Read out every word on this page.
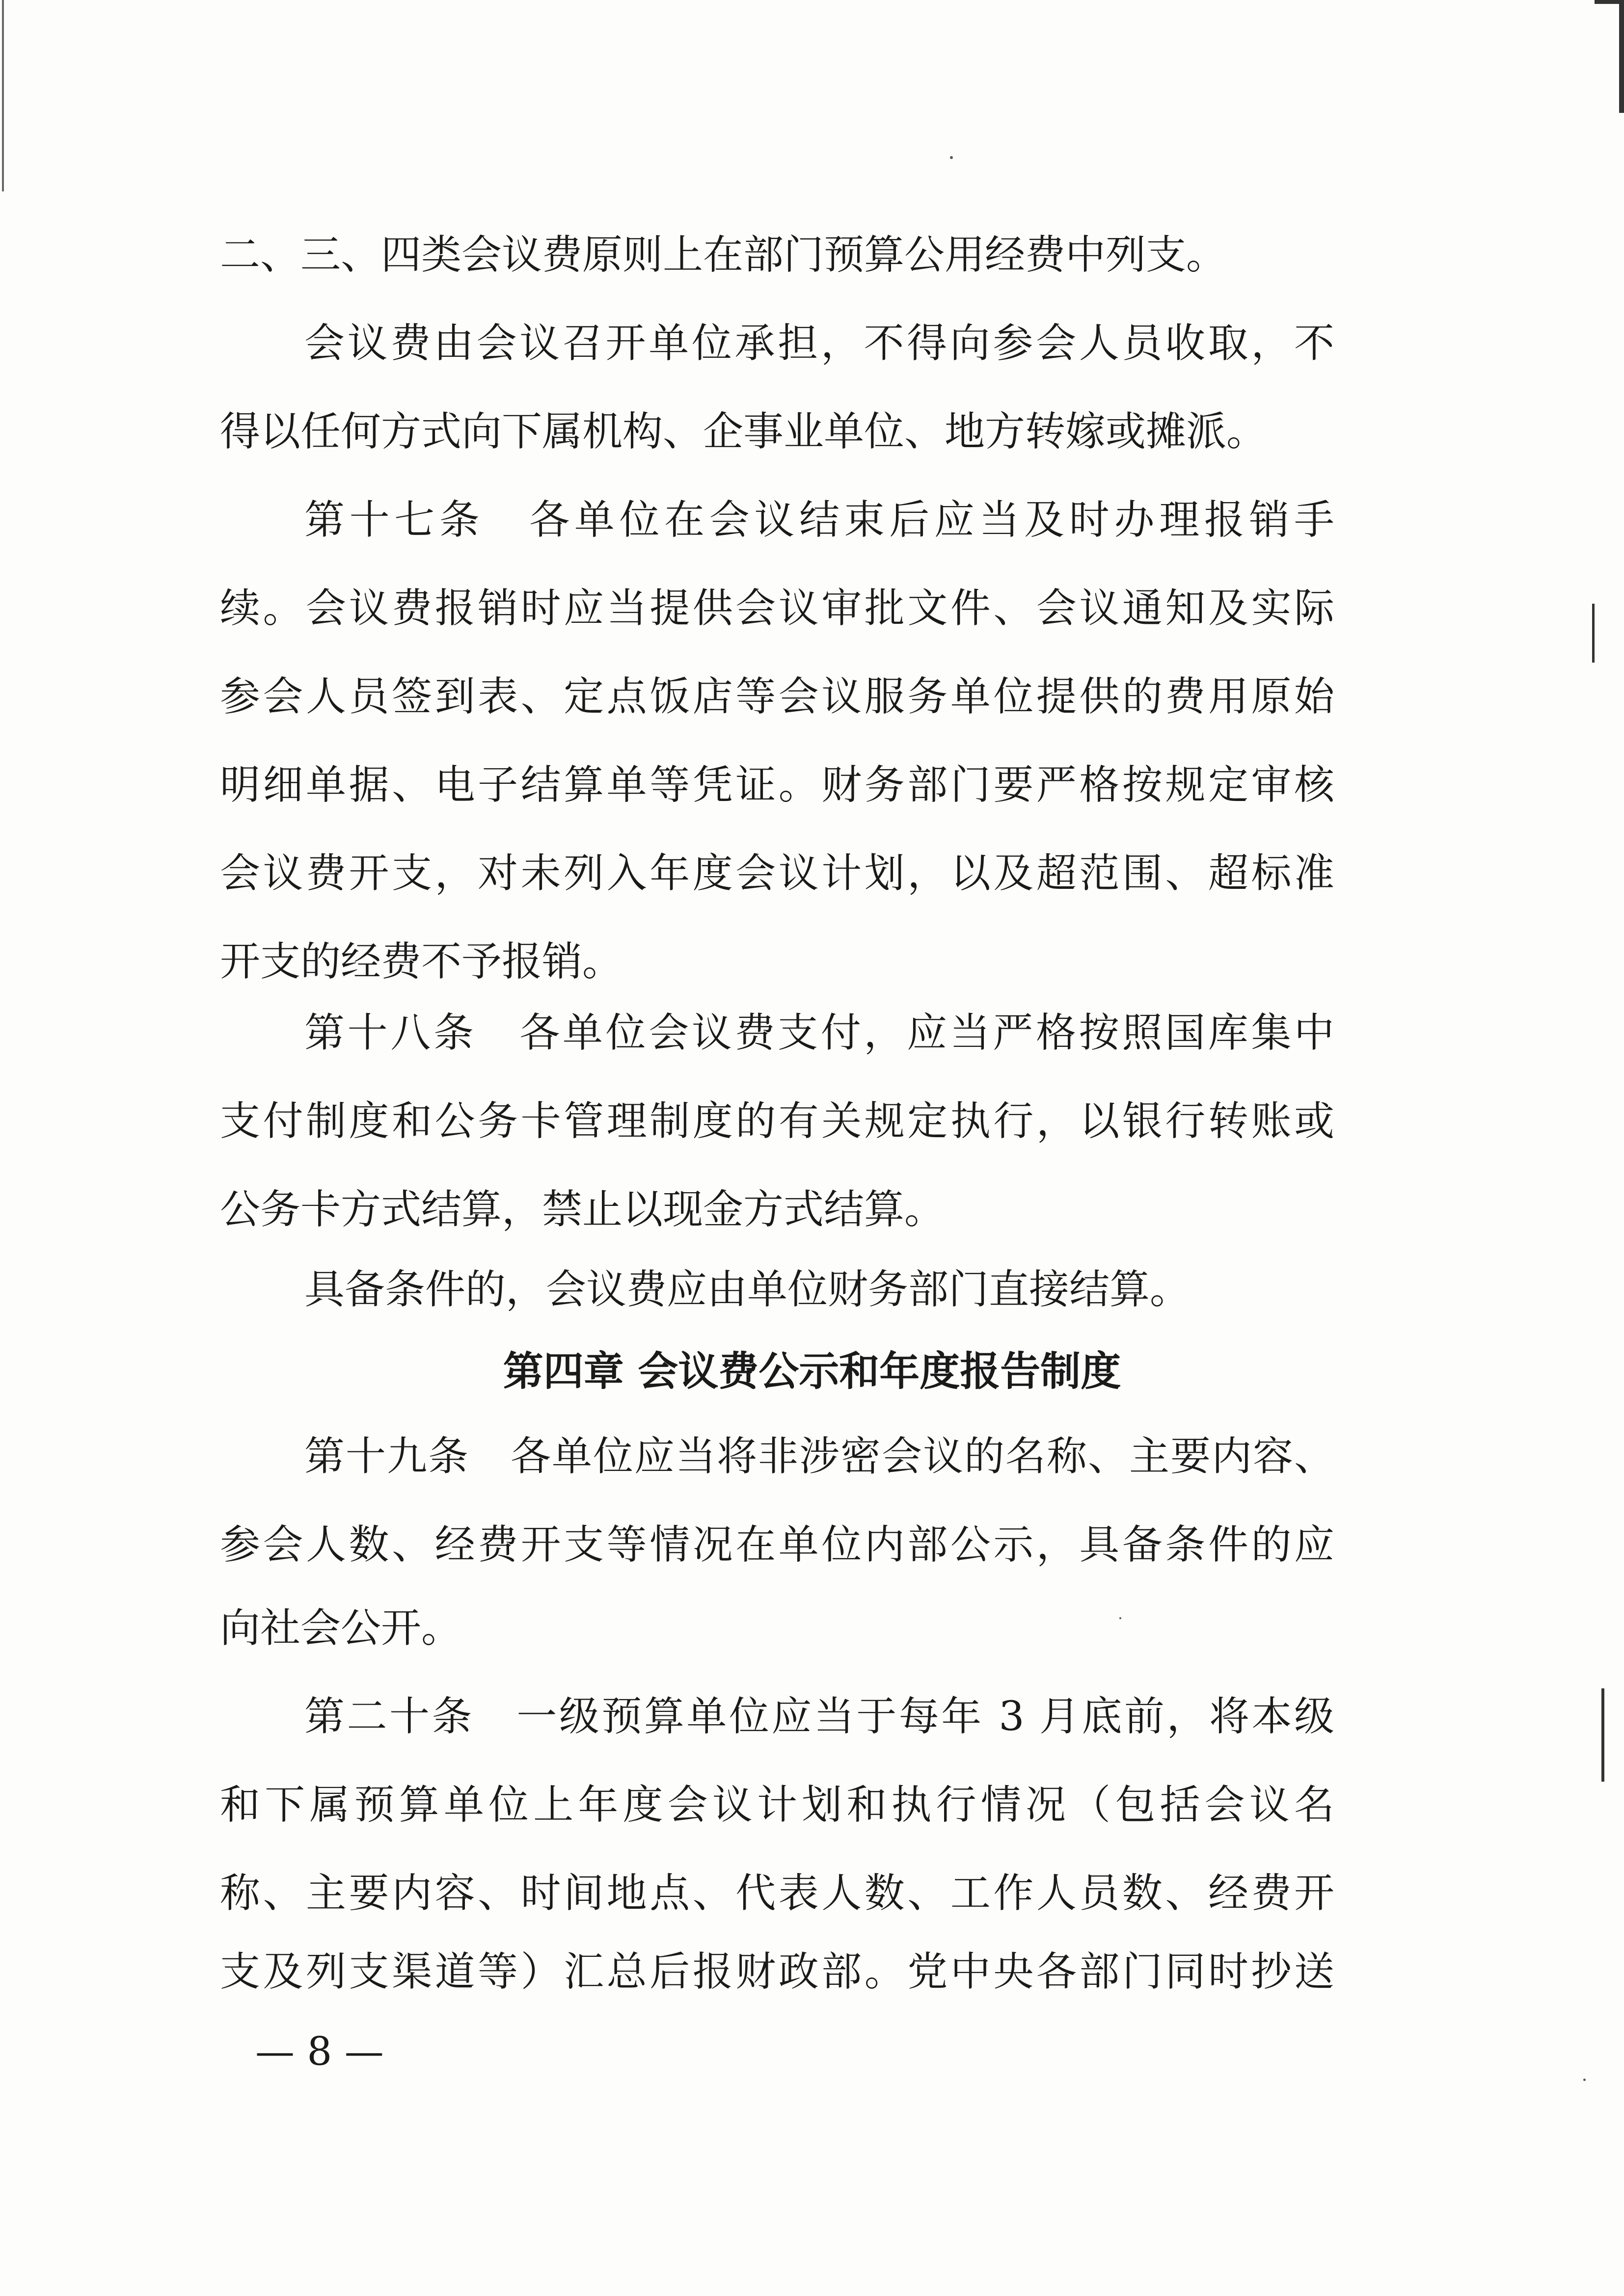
二、三、四类会议费原则上在部门预算公用经费中列支。
会议费由会议召开单位承担，不得向参会人员收取，不
得以任何方式向下属机构、企事业单位、地方转嫁或摊派。
第十七条　各单位在会议结束后应当及时办理报销手
续。会议费报销时应当提供会议审批文件、会议通知及实际
参会人员签到表、定点饭店等会议服务单位提供的费用原始
明细单据、电子结算单等凭证。财务部门要严格按规定审核
会议费开支，对未列入年度会议计划，以及超范围、超标准
开支的经费不予报销。
第十八条　各单位会议费支付，应当严格按照国库集中
支付制度和公务卡管理制度的有关规定执行，以银行转账或
公务卡方式结算，禁止以现金方式结算。
具备条件的，会议费应由单位财务部门直接结算。
第四章 会议费公示和年度报告制度
第十九条　各单位应当将非涉密会议的名称、主要内容、
参会人数、经费开支等情况在单位内部公示，具备条件的应
向社会公开。
第二十条　一级预算单位应当于每年 3 月底前，将本级
和下属预算单位上年度会议计划和执行情况（包括会议名
称、主要内容、时间地点、代表人数、工作人员数、经费开
支及列支渠道等）汇总后报财政部。党中央各部门同时抄送
— 8 —
